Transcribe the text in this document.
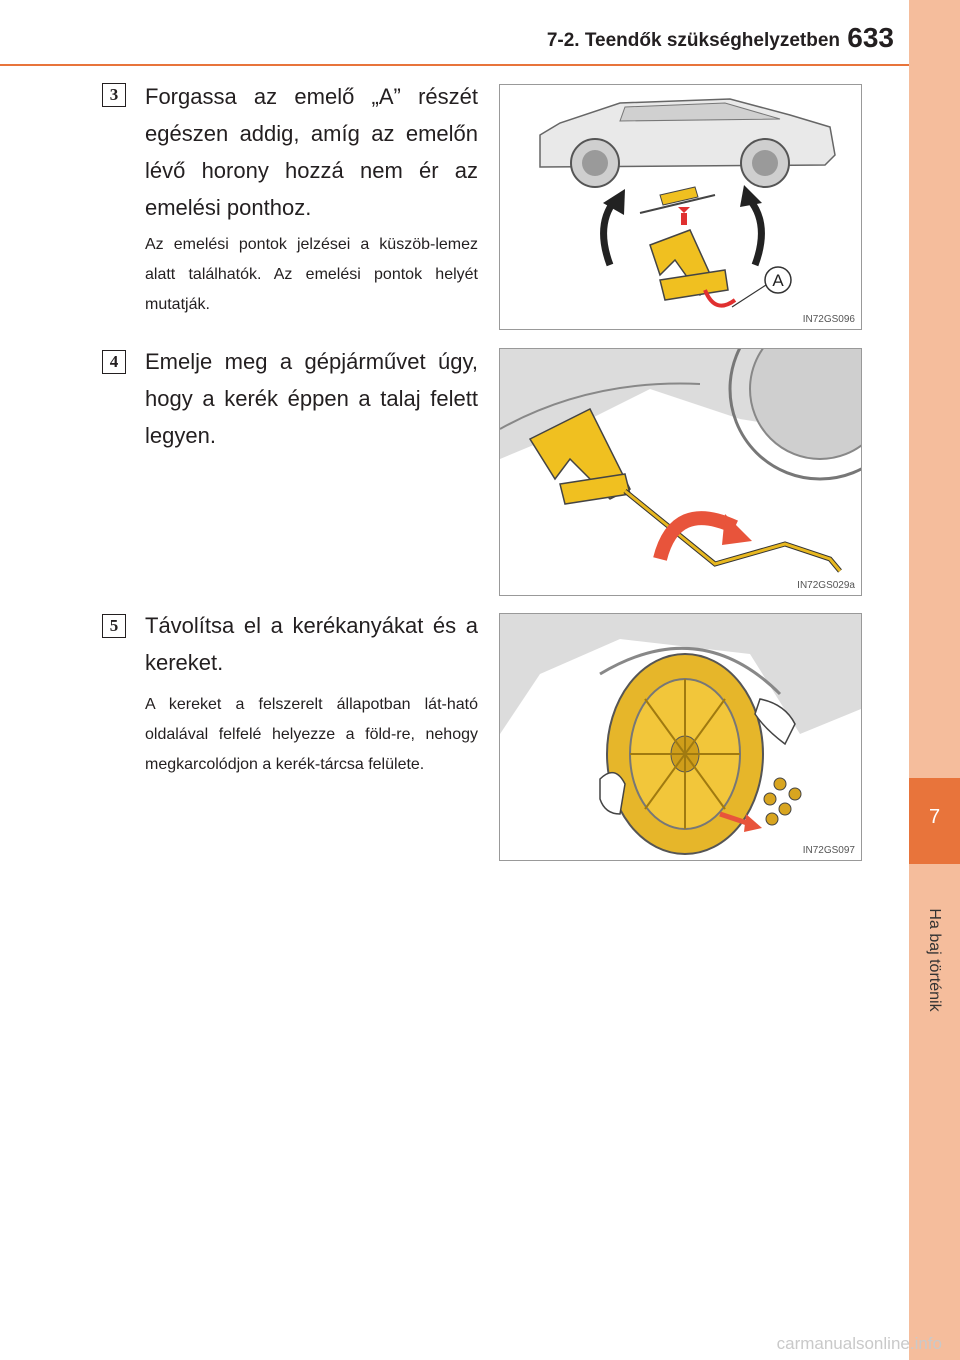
7
Ha baj történik
7-2. Teendők szükséghelyzetben 633
3	Forgassa az emelő „A” részét egészen addig, amíg az emelőn lévő horony hozzá nem ér az emelési ponthoz.
Az emelési pontok jelzései a küszöb-lemez alatt találhatók. Az emelési pontok helyét mutatják.
A
IN72GS096
4	Emelje meg a gépjárművet úgy, hogy a kerék éppen a talaj felett legyen.
IN72GS029a
5	Távolítsa el a kerékanyákat és a kereket.
A kereket a felszerelt állapotban lát-ható oldalával felfelé helyezze a föld-re, nehogy megkarcolódjon a kerék-tárcsa felülete.
IN72GS097
carmanualsonline.info
